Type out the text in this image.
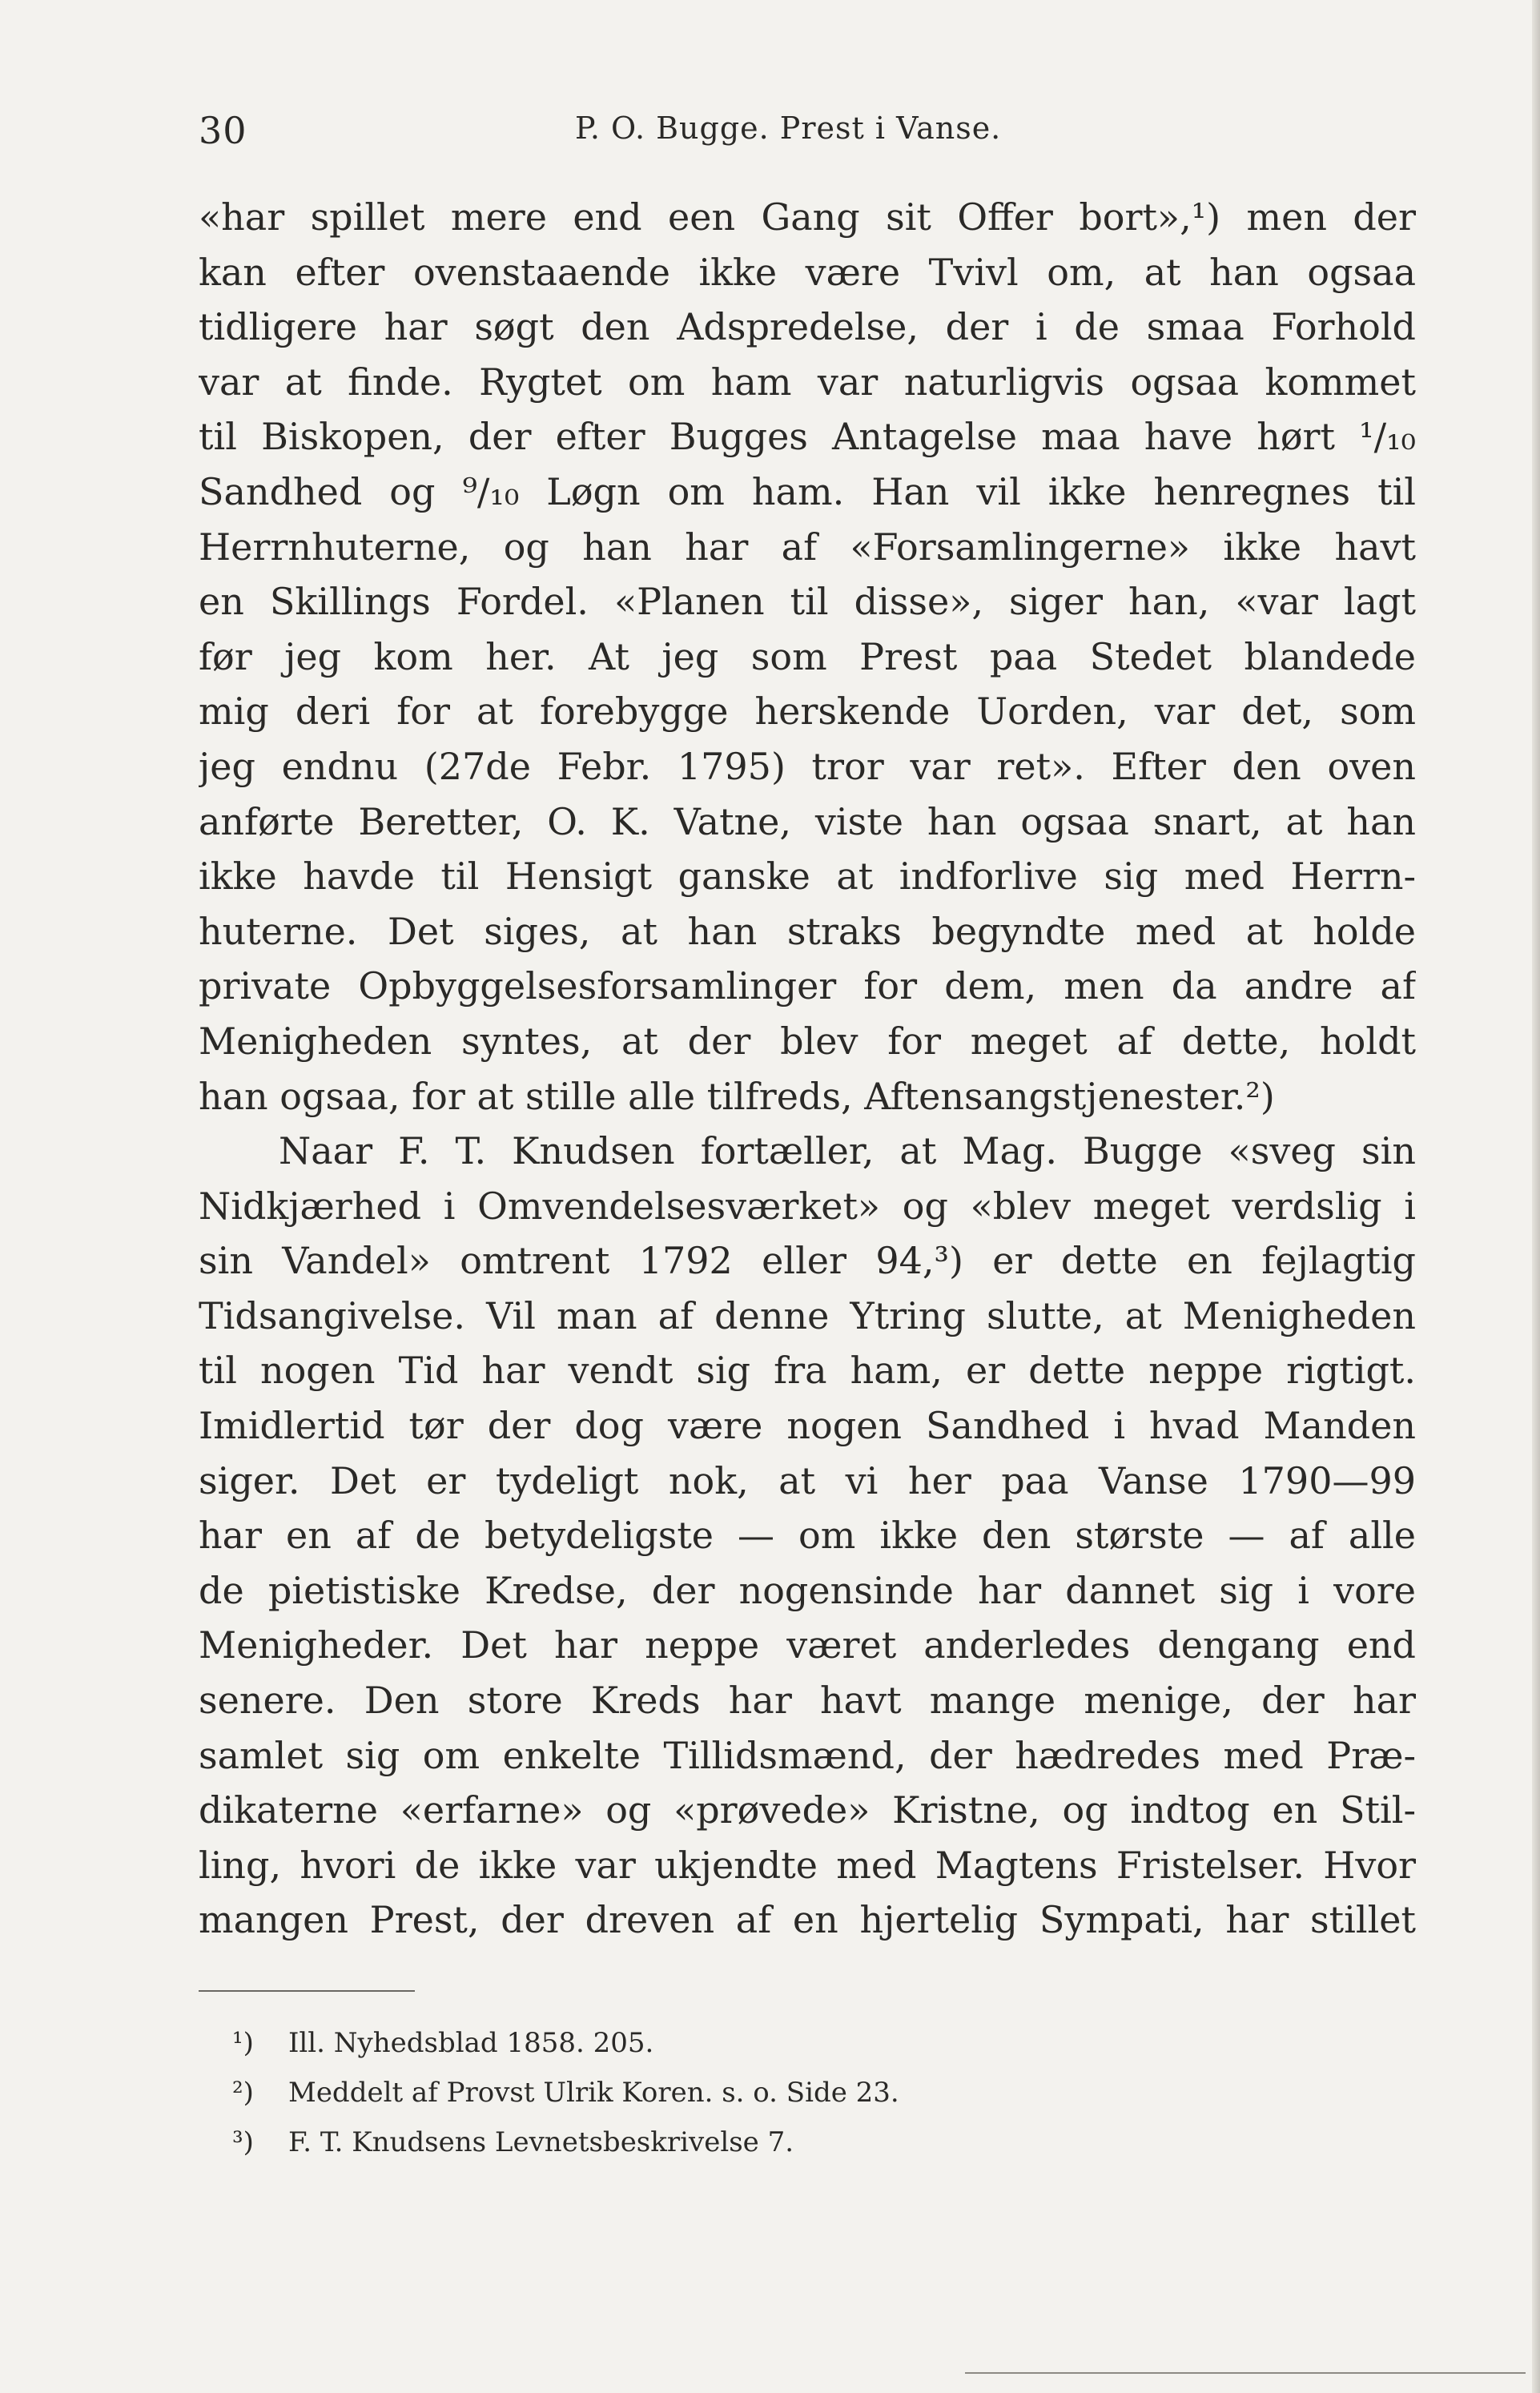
30	P. O. Bugge. Prest i Vanse.
«har spillet mere end een Gang sit Offer bort»,¹) men der
kan efter ovenstaaende ikke være Tvivl om, at han ogsaa
tidligere har søgt den Adspredelse, der i de smaa Forhold
var at finde. Rygtet om ham var naturligvis ogsaa kommet
til Biskopen, der efter Bugges Antagelse maa have hørt ¹/₁₀
Sandhed og ⁹/₁₀ Løgn om ham. Han vil ikke henregnes til
Herrnhuterne, og han har af «Forsamlingerne» ikke havt
en Skillings Fordel. «Planen til disse», siger han, «var lagt
før jeg kom her. At jeg som Prest paa Stedet blandede
mig deri for at forebygge herskende Uorden, var det, som
jeg endnu (27de Febr. 1795) tror var ret». Efter den oven
anførte Beretter, O. K. Vatne, viste han ogsaa snart, at han
ikke havde til Hensigt ganske at indforlive sig med Herrn-
huterne. Det siges, at han straks begyndte med at holde
private Opbyggelsesforsamlinger for dem, men da andre af
Menigheden syntes, at der blev for meget af dette, holdt
han ogsaa, for at stille alle tilfreds, Aftensangstjenester.²)
Naar F. T. Knudsen fortæller, at Mag. Bugge «sveg sin
Nidkjærhed i Omvendelsesværket» og «blev meget verdslig i
sin Vandel» omtrent 1792 eller 94,³) er dette en fejlagtig
Tidsangivelse. Vil man af denne Ytring slutte, at Menigheden
til nogen Tid har vendt sig fra ham, er dette neppe rigtigt.
Imidlertid tør der dog være nogen Sandhed i hvad Manden
siger. Det er tydeligt nok, at vi her paa Vanse 1790—99
har en af de betydeligste — om ikke den største — af alle
de pietistiske Kredse, der nogensinde har dannet sig i vore
Menigheder. Det har neppe været anderledes dengang end
senere. Den store Kreds har havt mange menige, der har
samlet sig om enkelte Tillidsmænd, der hædredes med Præ-
dikaterne «erfarne» og «prøvede» Kristne, og indtog en Stil-
ling, hvori de ikke var ukjendte med Magtens Fristelser. Hvor
mangen Prest, der dreven af en hjertelig Sympati, har stillet
¹) Ill. Nyhedsblad 1858. 205.
²) Meddelt af Provst Ulrik Koren. s. o. Side 23.
³) F. T. Knudsens Levnetsbeskrivelse 7.
